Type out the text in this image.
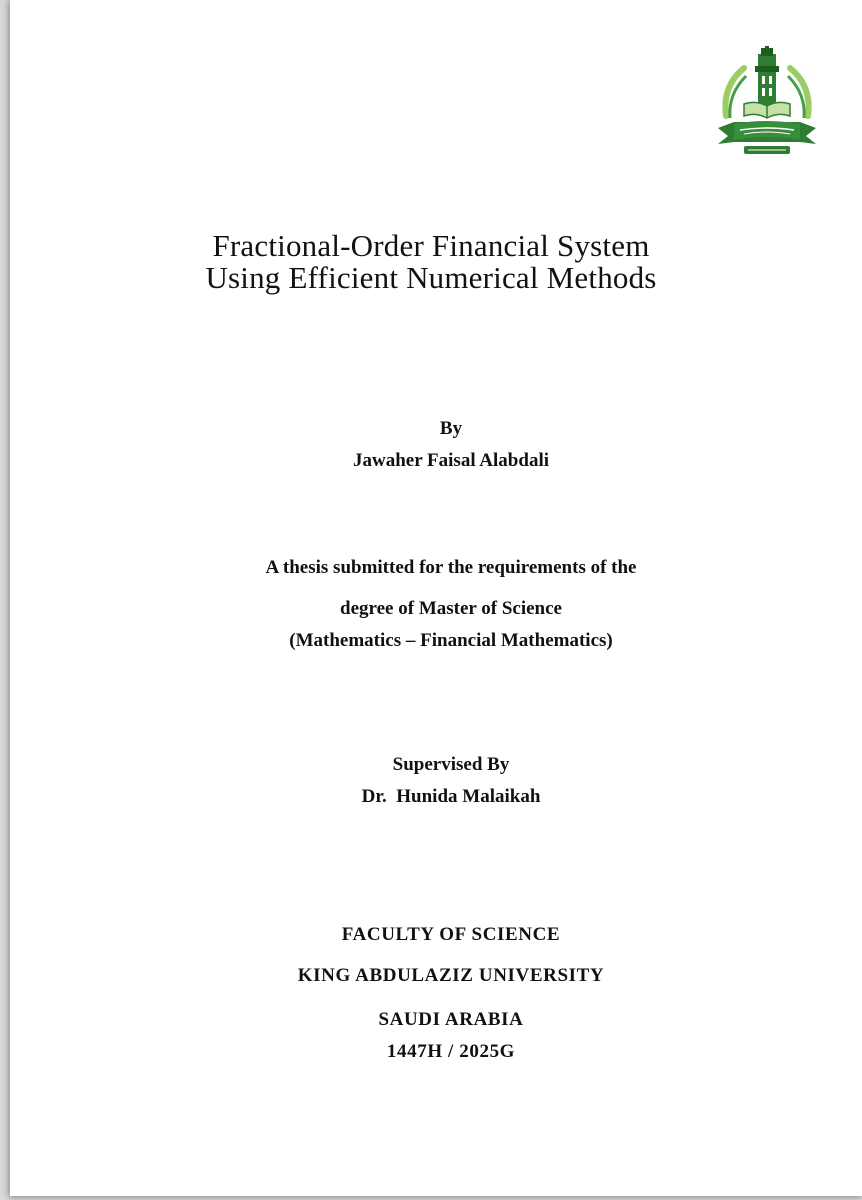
Fractional-Order Financial System
Using Efficient Numerical Methods
By
Jawaher Faisal Alabdali
A thesis submitted for the requirements of the
degree of Master of Science
(Mathematics – Financial Mathematics)
Supervised By
Dr.  Hunida Malaikah
FACULTY OF SCIENCE
KING ABDULAZIZ UNIVERSITY
SAUDI ARABIA
1447H / 2025G
